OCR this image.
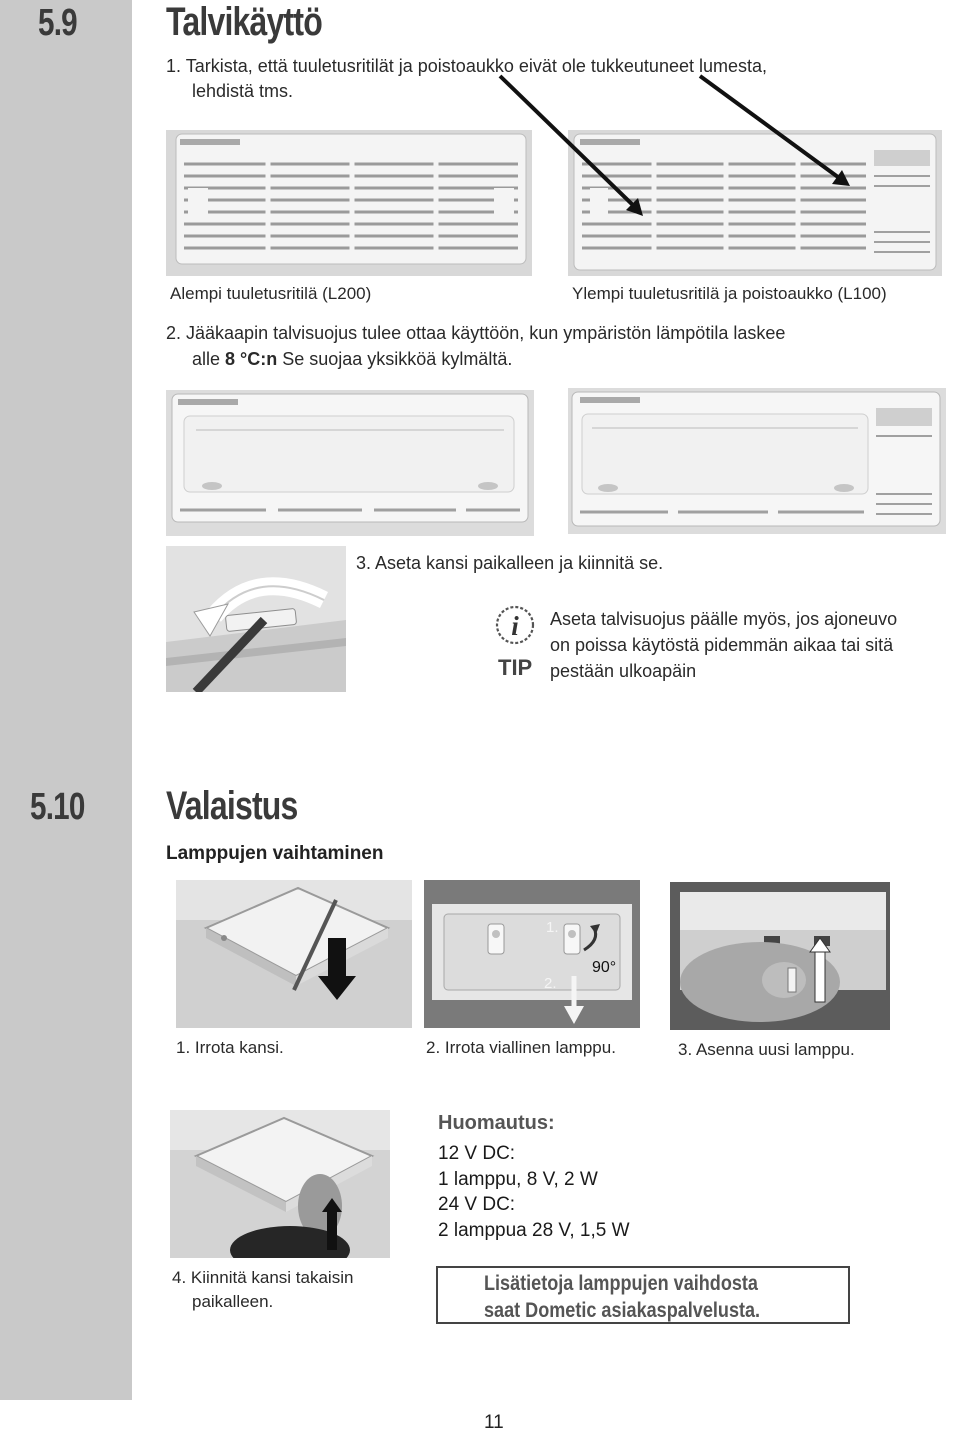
5.9 Talvikäyttö
1. Tarkista, että tuuletusritilät ja poistoaukko eivät ole tukkeutuneet lumesta,
lehdistä tms.
Alempi tuuletusritilä (L200)	Ylempi tuuletusritilä ja poistoaukko (L100)
2. Jääkaapin talvisuojus tulee ottaa käyttöön, kun ympäristön lämpötila laskee
alle 8 °C:n Se suojaa yksikköä kylmältä.
3. Aseta kansi paikalleen ja kiinnitä se.
i
TIP
Aseta talvisuojus päälle myös, jos ajoneuvo
on poissa käytöstä pidemmän aikaa tai sitä
pestään ulkoapäin
5.10 Valaistus
Lamppujen vaihtaminen
1.
2.
90°
1. Irrota kansi.	2. Irrota viallinen lamppu.	3. Asenna uusi lamppu.
4. Kiinnitä kansi takaisin
paikalleen.
Huomautus:
12 V DC:
1 lamppu, 8 V, 2 W
24 V DC:
2 lamppua 28 V, 1,5 W
Lisätietoja lamppujen vaihdosta
saat Dometic asiakaspalvelusta.
11
